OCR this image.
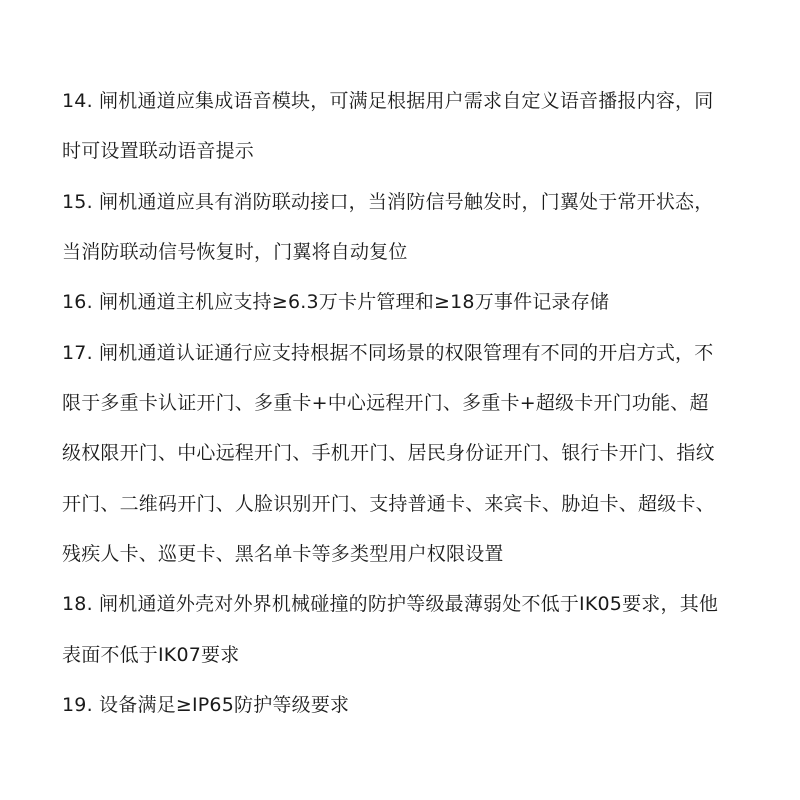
14. 闸机通道应集成语音模块，可满足根据用户需求自定义语音播报内容，同
时可设置联动语音提示
15. 闸机通道应具有消防联动接口，当消防信号触发时，门翼处于常开状态，
当消防联动信号恢复时，门翼将自动复位
16. 闸机通道主机应支持≥6.3万卡片管理和≥18万事件记录存储
17. 闸机通道认证通行应支持根据不同场景的权限管理有不同的开启方式，不
限于多重卡认证开门、多重卡+中心远程开门、多重卡+超级卡开门功能、超
级权限开门、中心远程开门、手机开门、居民身份证开门、银行卡开门、指纹
开门、二维码开门、人脸识别开门、支持普通卡、来宾卡、胁迫卡、超级卡、
残疾人卡、巡更卡、黑名单卡等多类型用户权限设置
18. 闸机通道外壳对外界机械碰撞的防护等级最薄弱处不低于IK05要求，其他
表面不低于IK07要求
19. 设备满足≥IP65防护等级要求
